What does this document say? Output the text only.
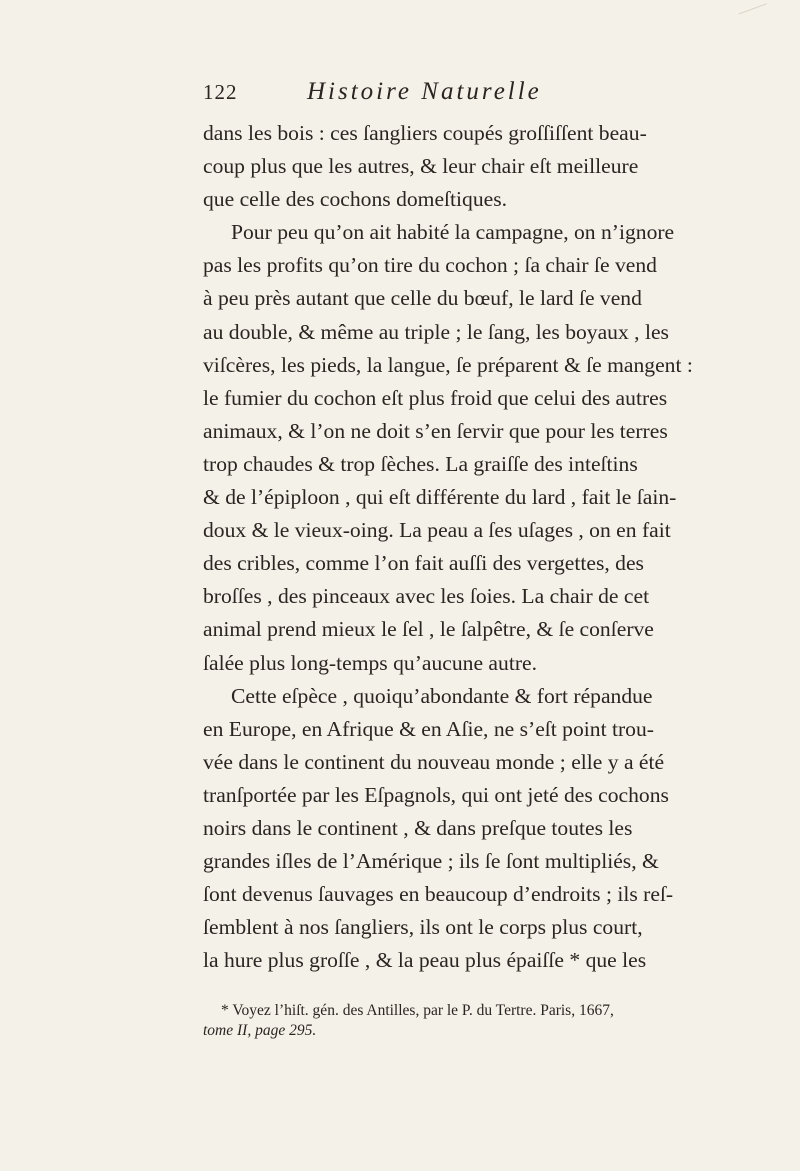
122	Histoire Naturelle
dans les bois : ces ſangliers coupés groſſiſſent beau-
coup plus que les autres, & leur chair eſt meilleure
que celle des cochons domeſtiques.
Pour peu qu’on ait habité la campagne, on n’ignore
pas les profits qu’on tire du cochon ; ſa chair ſe vend
à peu près autant que celle du bœuf, le lard ſe vend
au double, & même au triple ; le ſang, les boyaux , les
viſcères, les pieds, la langue, ſe préparent & ſe mangent :
le fumier du cochon eſt plus froid que celui des autres
animaux, & l’on ne doit s’en ſervir que pour les terres
trop chaudes & trop ſèches. La graiſſe des inteſtins
& de l’épiploon , qui eſt différente du lard , fait le ſain-
doux & le vieux-oing. La peau a ſes uſages , on en fait
des cribles, comme l’on fait auſſi des vergettes, des
broſſes , des pinceaux avec les ſoies. La chair de cet
animal prend mieux le ſel , le ſalpêtre, & ſe conſerve
ſalée plus long-temps qu’aucune autre.
Cette eſpèce , quoiqu’abondante & fort répandue
en Europe, en Afrique & en Aſie, ne s’eſt point trou-
vée dans le continent du nouveau monde ; elle y a été
tranſportée par les Eſpagnols, qui ont jeté des cochons
noirs dans le continent , & dans preſque toutes les
grandes iſles de l’Amérique ; ils ſe ſont multipliés, &
ſont devenus ſauvages en beaucoup d’endroits ; ils reſ-
ſemblent à nos ſangliers, ils ont le corps plus court,
la hure plus groſſe , & la peau plus épaiſſe * que les
* Voyez l’hiſt. gén. des Antilles, par le P. du Tertre. Paris, 1667,
tome II, page 295.
